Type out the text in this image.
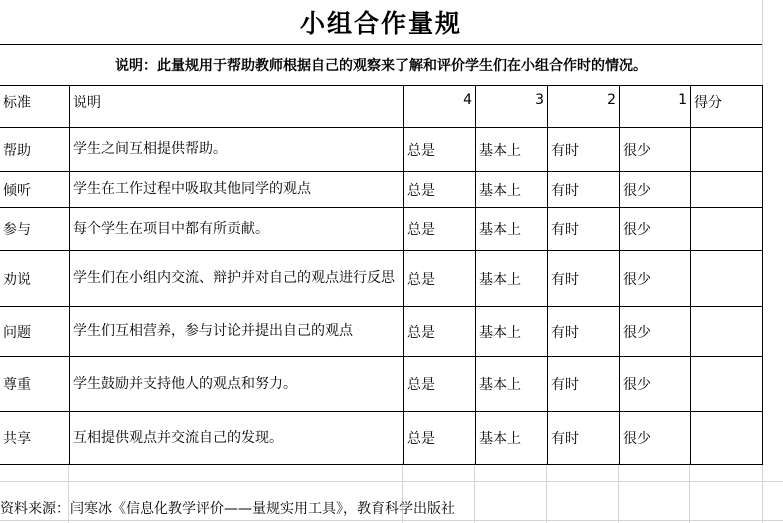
小组合作量规
说明：此量规用于帮助教师根据自己的观察来了解和评价学生们在小组合作时的情况。
标准	说明	4	3	2	1	得分
帮助	学生之间互相提供帮助。	总是	基本上	有时	很少	
倾听	学生在工作过程中吸取其他同学的观点	总是	基本上	有时	很少	
参与	每个学生在项目中都有所贡献。	总是	基本上	有时	很少	
劝说	学生们在小组内交流、辩护并对自己的观点进行反思	总是	基本上	有时	很少	
问题	学生们互相营养，参与讨论并提出自己的观点	总是	基本上	有时	很少	
尊重	学生鼓励并支持他人的观点和努力。	总是	基本上	有时	很少	
共享	互相提供观点并交流自己的发现。	总是	基本上	有时	很少	
资料来源：闫寒冰《信息化教学评价——量规实用工具》，教育科学出版社
